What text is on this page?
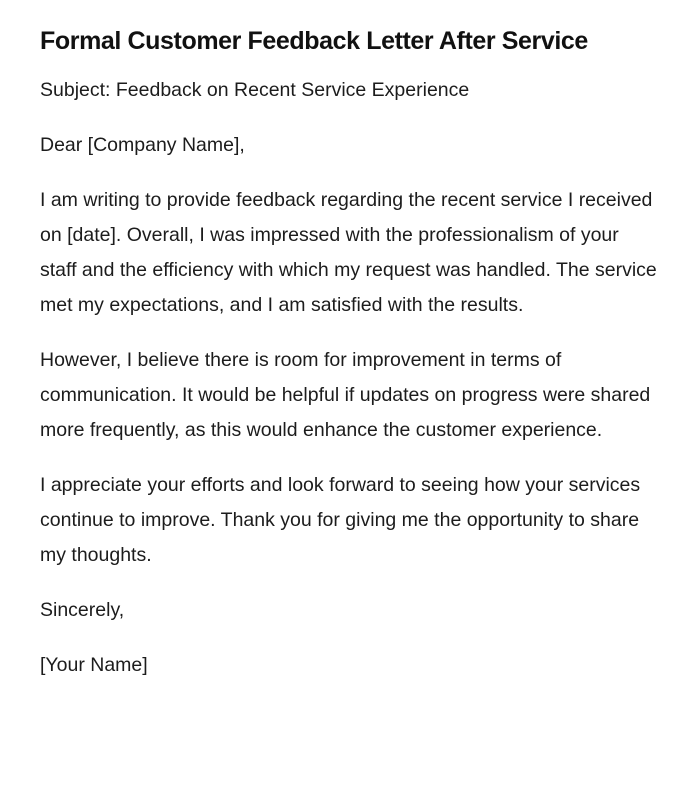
Formal Customer Feedback Letter After Service

Subject: Feedback on Recent Service Experience

Dear [Company Name],

I am writing to provide feedback regarding the recent service I received on [date]. Overall, I was impressed with the professionalism of your staff and the efficiency with which my request was handled. The service met my expectations, and I am satisfied with the results.

However, I believe there is room for improvement in terms of communication. It would be helpful if updates on progress were shared more frequently, as this would enhance the customer experience.

I appreciate your efforts and look forward to seeing how your services continue to improve. Thank you for giving me the opportunity to share my thoughts.

Sincerely,

[Your Name]
